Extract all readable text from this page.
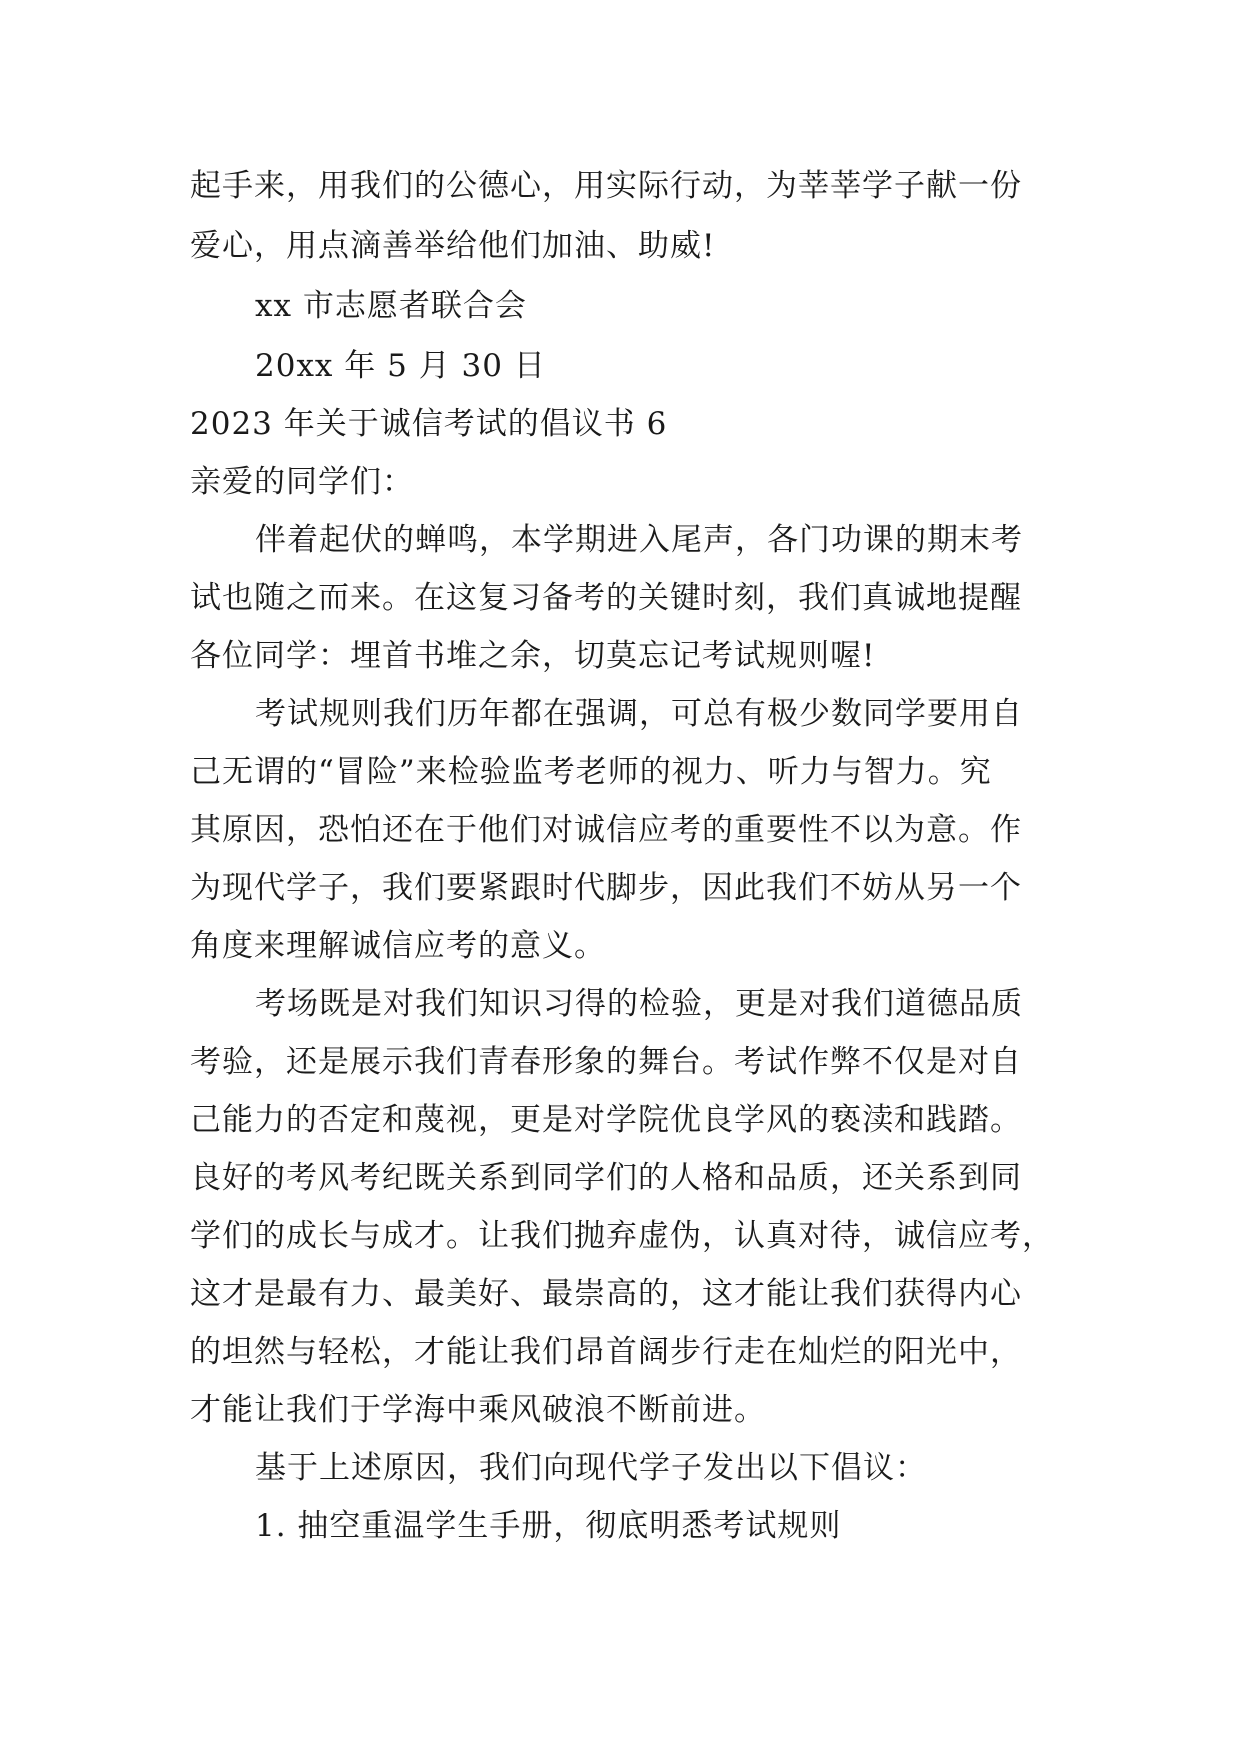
起手来，用我们的公德心，用实际行动，为莘莘学子献一份
爱心，用点滴善举给他们加油、助威!
xx 市志愿者联合会
20xx 年 5 月 30 日
2023 年关于诚信考试的倡议书 6
亲爱的同学们：
伴着起伏的蝉鸣，本学期进入尾声，各门功课的期末考
试也随之而来。在这复习备考的关键时刻，我们真诚地提醒
各位同学：埋首书堆之余，切莫忘记考试规则喔!
考试规则我们历年都在强调，可总有极少数同学要用自
己无谓的“冒险”来检验监考老师的视力、听力与智力。究
其原因，恐怕还在于他们对诚信应考的重要性不以为意。作
为现代学子，我们要紧跟时代脚步，因此我们不妨从另一个
角度来理解诚信应考的意义。
考场既是对我们知识习得的检验，更是对我们道德品质
考验，还是展示我们青春形象的舞台。考试作弊不仅是对自
己能力的否定和蔑视，更是对学院优良学风的亵渎和践踏。
良好的考风考纪既关系到同学们的人格和品质，还关系到同
学们的成长与成才。让我们抛弃虚伪，认真对待，诚信应考，
这才是最有力、最美好、最崇高的，这才能让我们获得内心
的坦然与轻松，才能让我们昂首阔步行走在灿烂的阳光中，
才能让我们于学海中乘风破浪不断前进。
基于上述原因，我们向现代学子发出以下倡议：
1. 抽空重温学生手册，彻底明悉考试规则
